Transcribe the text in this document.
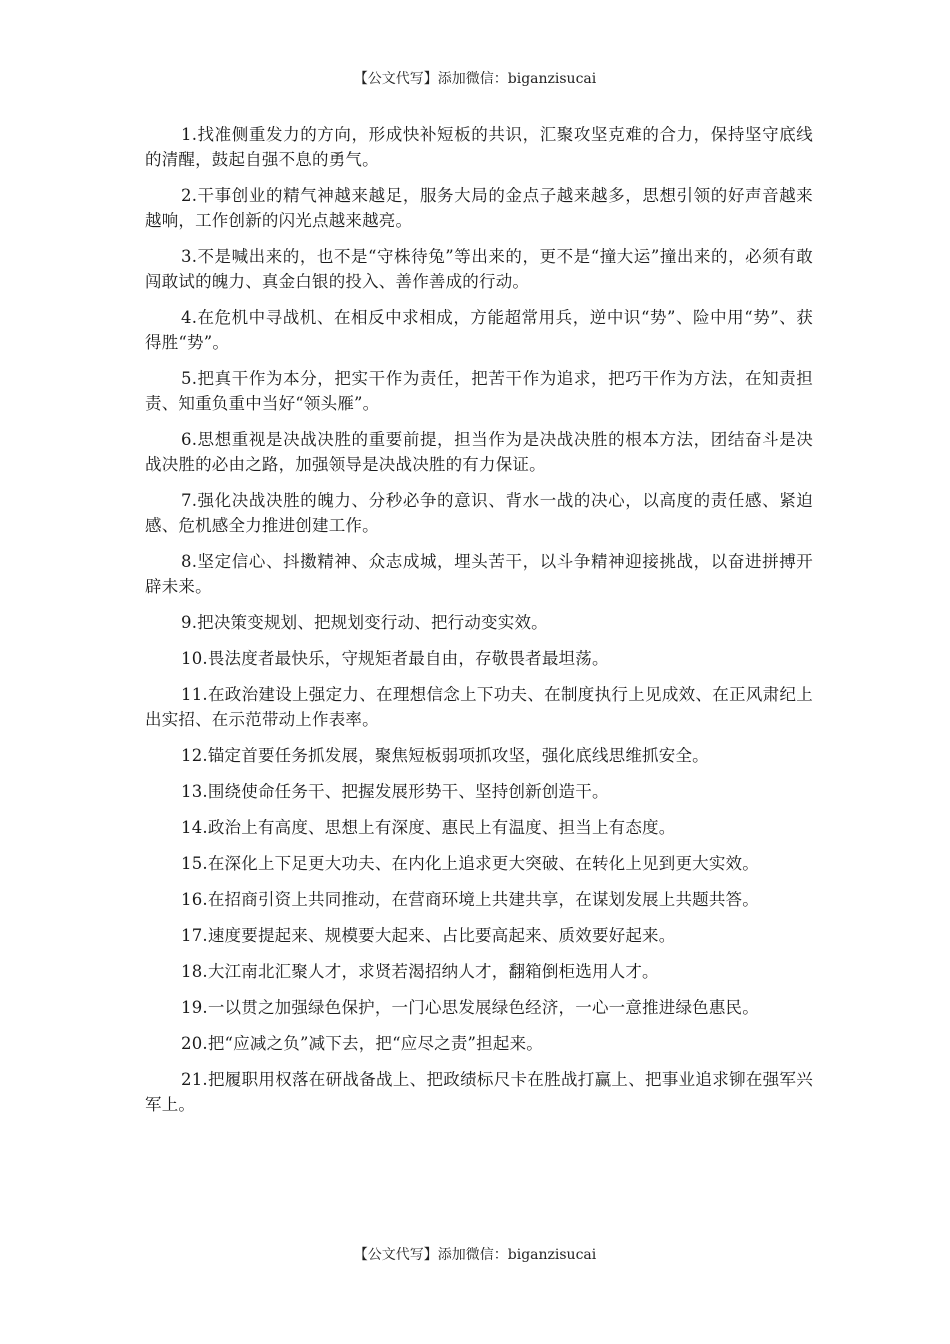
【公文代写】添加微信：biganzisucai

1.找准侧重发力的方向，形成快补短板的共识，汇聚攻坚克难的合力，保持坚守底线的清醒，鼓起自强不息的勇气。

2.干事创业的精气神越来越足，服务大局的金点子越来越多，思想引领的好声音越来越响，工作创新的闪光点越来越亮。

3.不是喊出来的，也不是“守株待兔”等出来的，更不是“撞大运”撞出来的，必须有敢闯敢试的魄力、真金白银的投入、善作善成的行动。

4.在危机中寻战机、在相反中求相成，方能超常用兵，逆中识“势”、险中用“势”、获得胜“势”。

5.把真干作为本分，把实干作为责任，把苦干作为追求，把巧干作为方法，在知责担责、知重负重中当好“领头雁”。

6.思想重视是决战决胜的重要前提，担当作为是决战决胜的根本方法，团结奋斗是决战决胜的必由之路，加强领导是决战决胜的有力保证。

7.强化决战决胜的魄力、分秒必争的意识、背水一战的决心，以高度的责任感、紧迫感、危机感全力推进创建工作。

8.坚定信心、抖擞精神、众志成城，埋头苦干，以斗争精神迎接挑战，以奋进拼搏开辟未来。

9.把决策变规划、把规划变行动、把行动变实效。

10.畏法度者最快乐，守规矩者最自由，存敬畏者最坦荡。

11.在政治建设上强定力、在理想信念上下功夫、在制度执行上见成效、在正风肃纪上出实招、在示范带动上作表率。

12.锚定首要任务抓发展，聚焦短板弱项抓攻坚，强化底线思维抓安全。

13.围绕使命任务干、把握发展形势干、坚持创新创造干。

14.政治上有高度、思想上有深度、惠民上有温度、担当上有态度。

15.在深化上下足更大功夫、在内化上追求更大突破、在转化上见到更大实效。

16.在招商引资上共同推动，在营商环境上共建共享，在谋划发展上共题共答。

17.速度要提起来、规模要大起来、占比要高起来、质效要好起来。

18.大江南北汇聚人才，求贤若渴招纳人才，翻箱倒柜选用人才。

19.一以贯之加强绿色保护，一门心思发展绿色经济，一心一意推进绿色惠民。

20.把“应减之负”减下去，把“应尽之责”担起来。

21.把履职用权落在研战备战上、把政绩标尺卡在胜战打赢上、把事业追求铆在强军兴军上。

【公文代写】添加微信：biganzisucai
